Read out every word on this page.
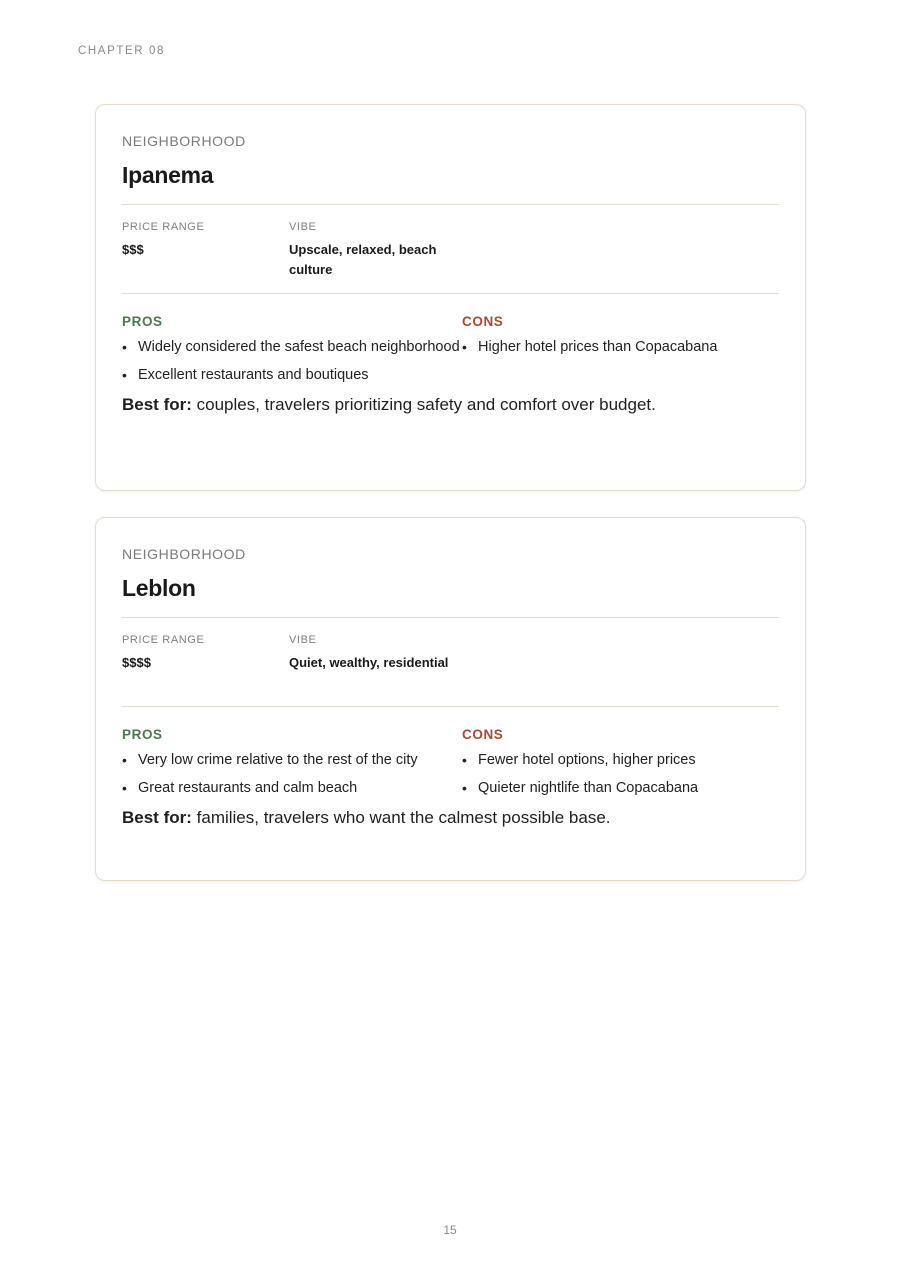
CHAPTER 08
NEIGHBORHOOD
Ipanema
PRICE RANGE
$$$
VIBE
Upscale, relaxed, beach culture
PROS
• Widely considered the safest beach neighborhood
• Excellent restaurants and boutiques
CONS
• Higher hotel prices than Copacabana
Best for: couples, travelers prioritizing safety and comfort over budget.
NEIGHBORHOOD
Leblon
PRICE RANGE
$$$$
VIBE
Quiet, wealthy, residential
PROS
• Very low crime relative to the rest of the city
• Great restaurants and calm beach
CONS
• Fewer hotel options, higher prices
• Quieter nightlife than Copacabana
Best for: families, travelers who want the calmest possible base.
15
